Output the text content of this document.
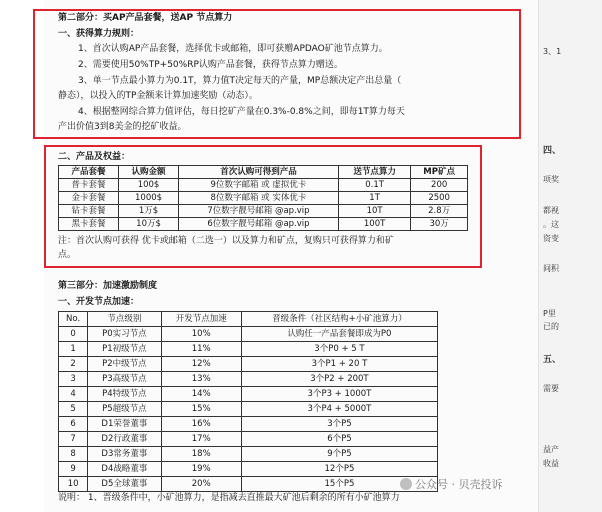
3、1
四、
项奖
都视
。这
资变
间积
P里
已的
五、
需要
益产
收益
第二部分：买AP产品套餐，送AP 节点算力
一、获得算力规则：
1、首次认购AP产品套餐，选择优卡或邮箱，即可获赠APDAO矿池节点算力。
2、需要使用50%TP+50%RP认购产品套餐，获得节点算力赠送。
3、单一节点最小算力为0.1T，算力值T决定每天的产量，MP总额决定产出总量（
静态），以投入的TP金额来计算加速奖励（动态）。
4、根据整网综合算力值评估，每日挖矿产量在0.3%-0.8%之间，即每1T算力每天
产出价值3到8美金的挖矿收益。
二、产品及权益：
产品套餐	认购金额	首次认购可得到产品	送节点算力	MP矿点
普卡套餐	100$	9位数字邮箱 或 虚拟优卡	0.1T	200
金卡套餐	1000$	8位数字邮箱 或 实体优卡	1T	2500
钻卡套餐	1万$	7位数字靓号邮箱 @ap.vip	10T	2.8万
黑卡套餐	10万$	6位数字靓号邮箱 @ap.vip	100T	30万
注：首次认购可获得 优卡或邮箱（二选一）以及算力和矿点，复购只可获得算力和矿
点。
第三部分：加速激励制度
一、开发节点加速：
No.	节点级别	开发节点加速	晋级条件（社区结构+小矿池算力）
0	P0实习节点	10%	认购任一产品套餐即成为P0
1	P1初级节点	11%	3个P0 + 5 T
2	P2中级节点	12%	3个P1 + 20 T
3	P3高级节点	13%	3个P2 + 200T
4	P4特级节点	14%	3个P3 + 1000T
5	P5超级节点	15%	3个P4 + 5000T
6	D1荣誉董事	16%	3个P5
7	D2行政董事	17%	6个P5
8	D3常务董事	18%	9个P5
9	D4战略董事	19%	12个P5
10	D5全球董事	20%	15个P5
说明： 1、晋级条件中，小矿池算力，是指减去直推最大矿池后剩余的所有小矿池算力
公众号 · 贝壳投诉
